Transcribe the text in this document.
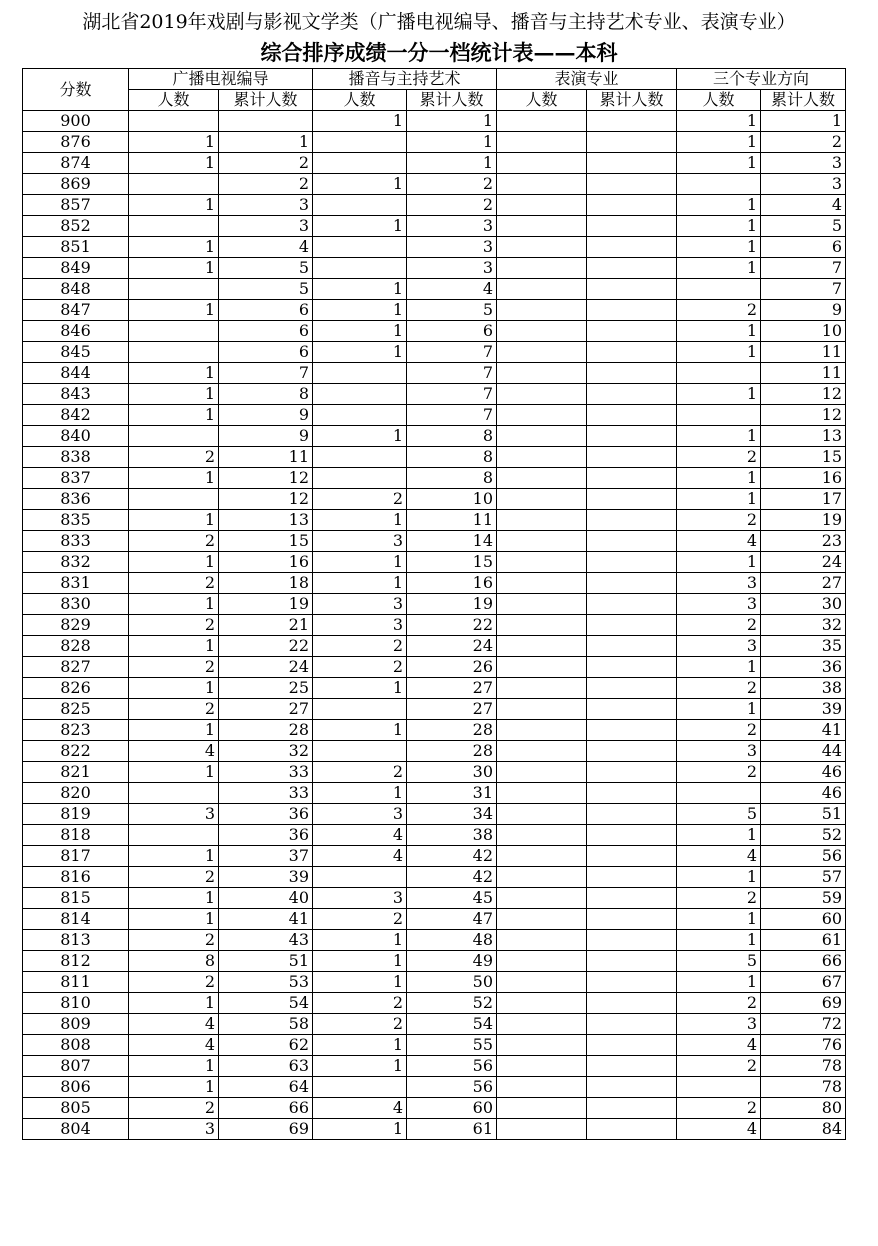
湖北省2019年戏剧与影视文学类（广播电视编导、播音与主持艺术专业、表演专业）
综合排序成绩一分一档统计表——本科
分数	广播电视编导		播音与主持艺术		表演专业		三个专业方向	
	人数	累计人数	人数	累计人数	人数	累计人数	人数	累计人数
900			1	1			1	1
876	1	1		1			1	2
874	1	2		1			1	3
869		2	1	2				3
857	1	3		2			1	4
852		3	1	3			1	5
851	1	4		3			1	6
849	1	5		3			1	7
848		5	1	4				7
847	1	6	1	5			2	9
846		6	1	6			1	10
845		6	1	7			1	11
844	1	7		7				11
843	1	8		7			1	12
842	1	9		7				12
840		9	1	8			1	13
838	2	11		8			2	15
837	1	12		8			1	16
836		12	2	10			1	17
835	1	13	1	11			2	19
833	2	15	3	14			4	23
832	1	16	1	15			1	24
831	2	18	1	16			3	27
830	1	19	3	19			3	30
829	2	21	3	22			2	32
828	1	22	2	24			3	35
827	2	24	2	26			1	36
826	1	25	1	27			2	38
825	2	27		27			1	39
823	1	28	1	28			2	41
822	4	32		28			3	44
821	1	33	2	30			2	46
820		33	1	31				46
819	3	36	3	34			5	51
818		36	4	38			1	52
817	1	37	4	42			4	56
816	2	39		42			1	57
815	1	40	3	45			2	59
814	1	41	2	47			1	60
813	2	43	1	48			1	61
812	8	51	1	49			5	66
811	2	53	1	50			1	67
810	1	54	2	52			2	69
809	4	58	2	54			3	72
808	4	62	1	55			4	76
807	1	63	1	56			2	78
806	1	64		56				78
805	2	66	4	60			2	80
804	3	69	1	61			4	84
